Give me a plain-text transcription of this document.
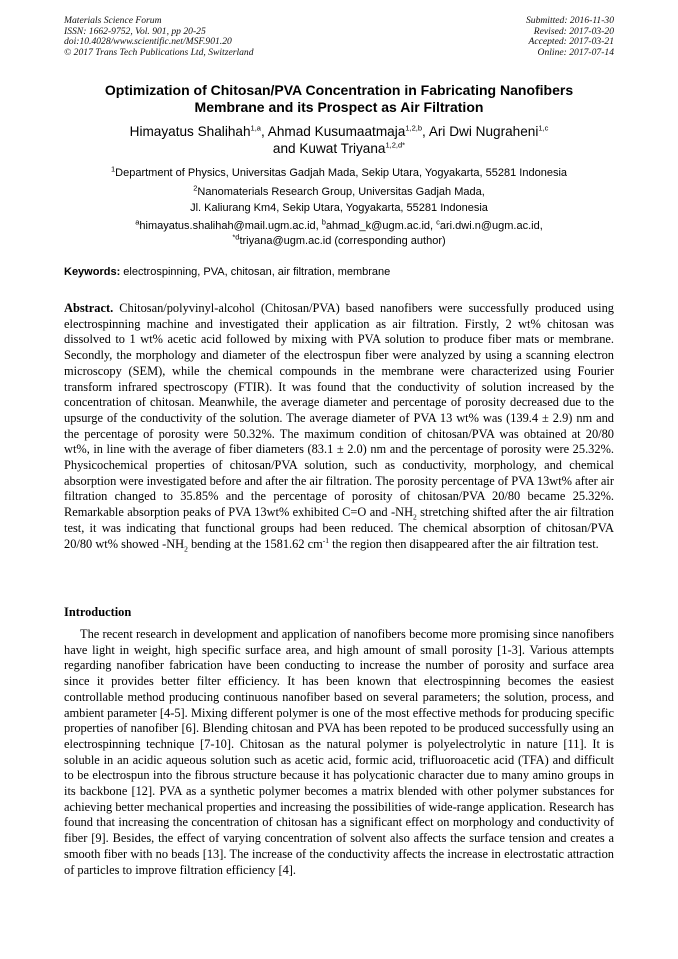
Materials Science Forum
ISSN: 1662-9752, Vol. 901, pp 20-25
doi:10.4028/www.scientific.net/MSF.901.20
© 2017 Trans Tech Publications Ltd, Switzerland
Submitted: 2016-11-30
Revised: 2017-03-20
Accepted: 2017-03-21
Online: 2017-07-14
Optimization of Chitosan/PVA Concentration in Fabricating Nanofibers
Membrane and its Prospect as Air Filtration
Himayatus Shalihah$^{1,a}$, Ahmad Kusumaatmaja$^{1,2,b}$, Ari Dwi Nugraheni$^{1,c}$
and Kuwat Triyana$^{1,2,d*}$
$^1$Department of Physics, Universitas Gadjah Mada, Sekip Utara, Yogyakarta, 55281 Indonesia
$^2$Nanomaterials Research Group, Universitas Gadjah Mada,
Jl. Kaliurang Km4, Sekip Utara, Yogyakarta, 55281 Indonesia
$^a$himayatus.shalihah@mail.ugm.ac.id, $^b$ahmad_k@ugm.ac.id, $^c$ari.dwi.n@ugm.ac.id,
$^{*d}$triyana@ugm.ac.id (corresponding author)
Keywords: electrospinning, PVA, chitosan, air filtration, membrane
Abstract. Chitosan/polyvinyl-alcohol (Chitosan/PVA) based nanofibers were successfully produced using electrospinning machine and investigated their application as air filtration. Firstly, 2 wt% chitosan was dissolved to 1 wt% acetic acid followed by mixing with PVA solution to produce fiber mats or membrane. Secondly, the morphology and diameter of the electrospun fiber were analyzed by using a scanning electron microscopy (SEM), while the chemical compounds in the membrane were characterized using Fourier transform infrared spectroscopy (FTIR). It was found that the conductivity of solution increased by the concentration of chitosan. Meanwhile, the average diameter and percentage of porosity decreased due to the upsurge of the conductivity of the solution. The average diameter of PVA 13 wt% was (139.4 ± 2.9) nm and the percentage of porosity were 50.32%. The maximum condition of chitosan/PVA was obtained at 20/80 wt%, in line with the average of fiber diameters (83.1 ± 2.0) nm and the percentage of porosity were 25.32%. Physicochemical properties of chitosan/PVA solution, such as conductivity, morphology, and chemical absorption were investigated before and after the air filtration. The porosity percentage of PVA 13wt% after air filtration changed to 35.85% and the percentage of porosity of chitosan/PVA 20/80 became 25.32%. Remarkable absorption peaks of PVA 13wt% exhibited C=O and $-NH_2$ stretching shifted after the air filtration test, it was indicating that functional groups had been reduced. The chemical absorption of chitosan/PVA 20/80 wt% showed $-NH_2$ bending at the 1581.62 $cm^{-1}$ the region then disappeared after the air filtration test.
Introduction
The recent research in development and application of nanofibers become more promising since nanofibers have light in weight, high specific surface area, and high amount of small porosity [1-3]. Various attempts regarding nanofiber fabrication have been conducting to increase the number of porosity and surface area since it provides better filter efficiency. It has been known that electrospinning becomes the easiest controllable method producing continuous nanofiber based on several parameters; the solution, process, and ambient parameter [4-5]. Mixing different polymer is one of the most effective methods for producing specific properties of nanofiber [6]. Blending chitosan and PVA has been repoted to be produced successfully using an electrospinning technique [7-10]. Chitosan as the natural polymer is polyelectrolytic in nature [11]. It is soluble in an acidic aqueous solution such as acetic acid, formic acid, trifluoroacetic acid (TFA) and difficult to be electrospun into the fibrous structure because it has polycationic character due to many amino groups in its backbone [12]. PVA as a synthetic polymer becomes a matrix blended with other polymer substances for achieving better mechanical properties and increasing the possibilities of wide-range application. Research has found that increasing the concentration of chitosan has a significant effect on morphology and conductivity of fiber [9]. Besides, the effect of varying concentration of solvent also affects the surface tension and creates a smooth fiber with no beads [13]. The increase of the conductivity affects the increase in electrostatic attraction of particles to improve filtration efficiency [4].
